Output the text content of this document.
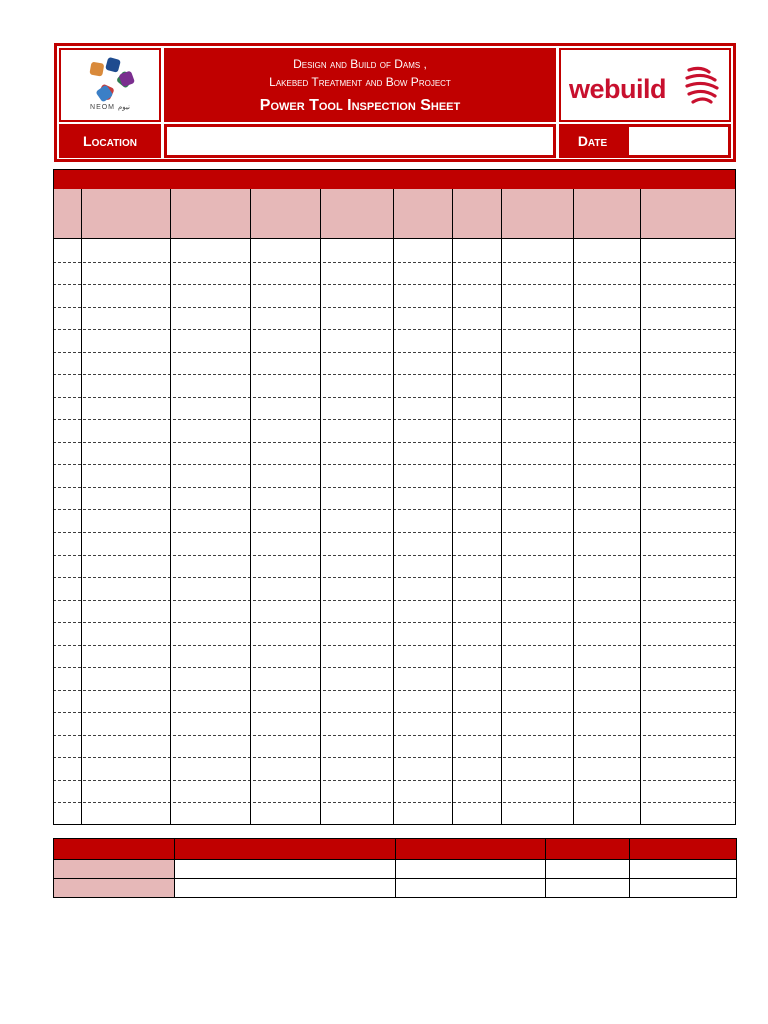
NEOM نيوم
Design and Build of Dams ,
Lakebed Treatment and Bow Project
Power Tool Inspection Sheet
webuild
Location	Date
